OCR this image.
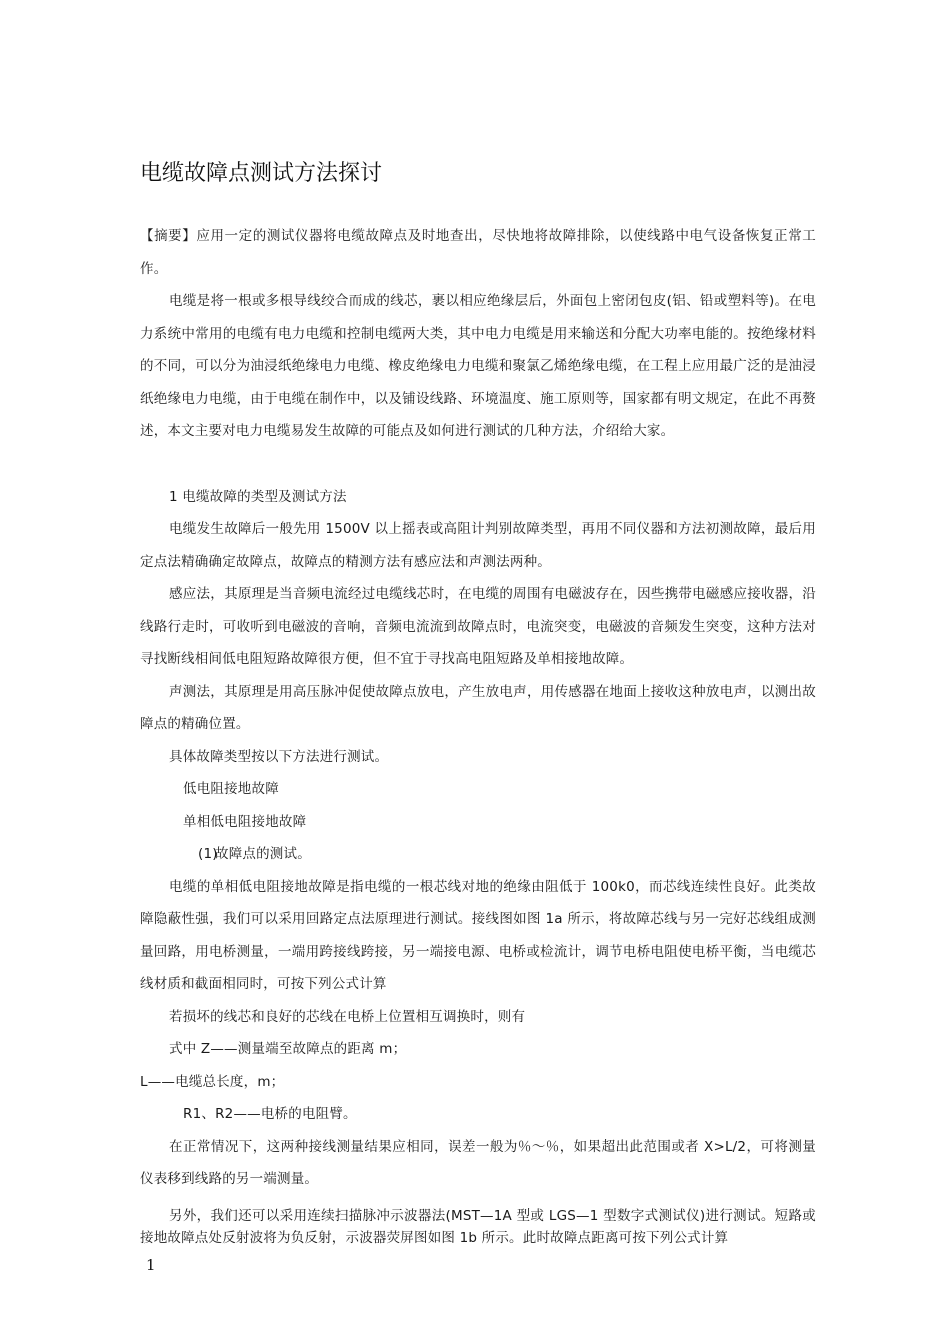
电缆故障点测试方法探讨

【摘要】应用一定的测试仪器将电缆故障点及时地查出，尽快地将故障排除，以使线路中电气设备恢复正常工作。

电缆是将一根或多根导线绞合而成的线芯，裹以相应绝缘层后，外面包上密闭包皮(铝、铅或塑料等)。在电力系统中常用的电缆有电力电缆和控制电缆两大类，其中电力电缆是用来输送和分配大功率电能的。按绝缘材料的不同，可以分为油浸纸绝缘电力电缆、橡皮绝缘电力电缆和聚氯乙烯绝缘电缆，在工程上应用最广泛的是油浸纸绝缘电力电缆，由于电缆在制作中，以及铺设线路、环境温度、施工原则等，国家都有明文规定，在此不再赘述，本文主要对电力电缆易发生故障的可能点及如何进行测试的几种方法，介绍给大家。

1 电缆故障的类型及测试方法

电缆发生故障后一般先用 1500V 以上摇表或高阻计判别故障类型，再用不同仪器和方法初测故障，最后用定点法精确确定故障点，故障点的精测方法有感应法和声测法两种。

感应法，其原理是当音频电流经过电缆线芯时，在电缆的周围有电磁波存在，因些携带电磁感应接收器，沿线路行走时，可收听到电磁波的音响，音频电流流到故障点时，电流突变，电磁波的音频发生突变，这种方法对寻找断线相间低电阻短路故障很方便，但不宜于寻找高电阻短路及单相接地故障。

声测法，其原理是用高压脉冲促使故障点放电，产生放电声，用传感器在地面上接收这种放电声，以测出故障点的精确位置。

具体故障类型按以下方法进行测试。

低电阻接地故障

单相低电阻接地故障

(1)故障点的测试。

电缆的单相低电阻接地故障是指电缆的一根芯线对地的绝缘由阻低于 100k0，而芯线连续性良好。此类故障隐蔽性强，我们可以采用回路定点法原理进行测试。接线图如图 1a 所示，将故障芯线与另一完好芯线组成测量回路，用电桥测量，一端用跨接线跨接，另一端接电源、电桥或检流计，调节电桥电阻使电桥平衡，当电缆芯线材质和截面相同时，可按下列公式计算

若损坏的线芯和良好的芯线在电桥上位置相互调换时，则有

式中 Z——测量端至故障点的距离 m；

L——电缆总长度，m；

R1、R2——电桥的电阻臂。

在正常情况下，这两种接线测量结果应相同，误差一般为％～％，如果超出此范围或者 X>L/2，可将测量仪表移到线路的另一端测量。

另外，我们还可以采用连续扫描脉冲示波器法(MST—1A 型或 LGS—1 型数字式测试仪)进行测试。短路或接地故障点处反射波将为负反射，示波器荧屏图如图 1b 所示。此时故障点距离可按下列公式计算

1
